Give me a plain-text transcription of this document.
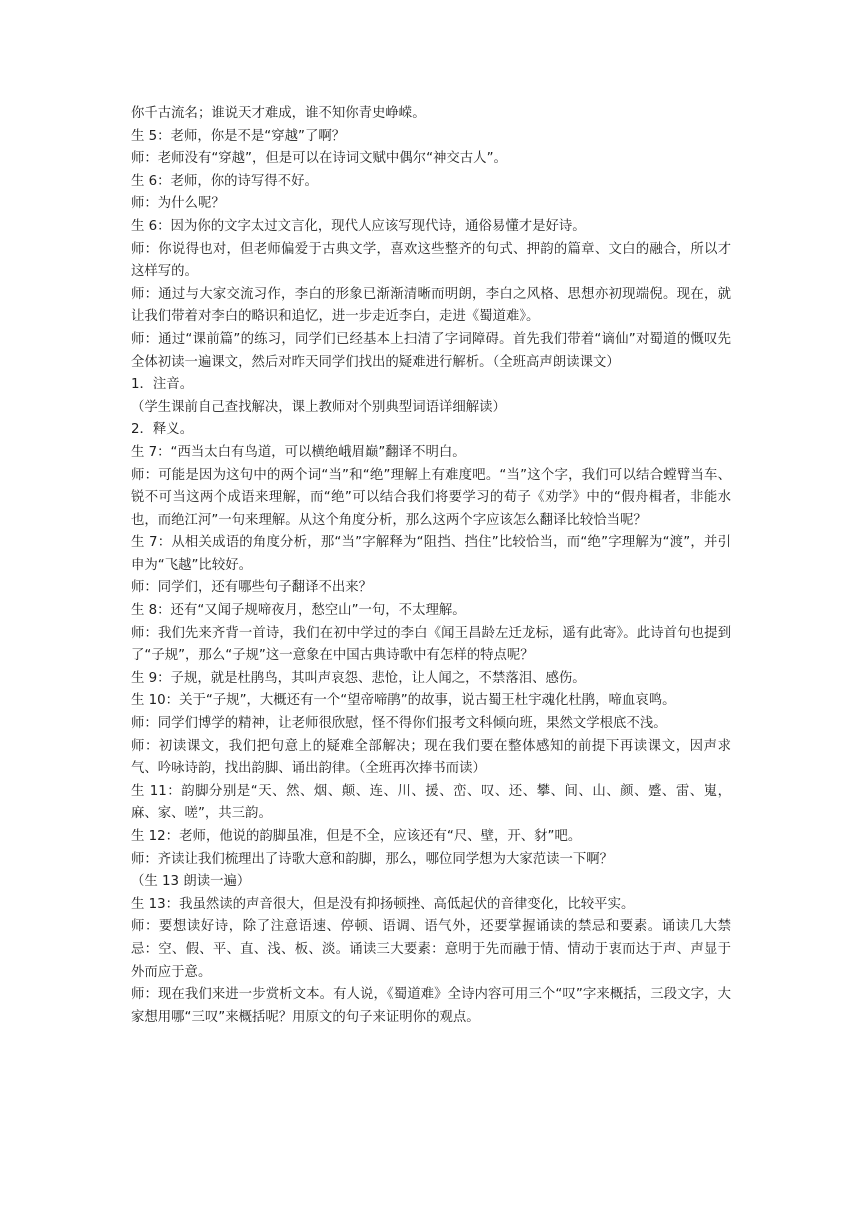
你千古流名；谁说天才难成，谁不知你青史峥嵘。

生 5：老师，你是不是“穿越”了啊？

师：老师没有“穿越”，但是可以在诗词文赋中偶尔“神交古人”。

生 6：老师，你的诗写得不好。

师：为什么呢？

生 6：因为你的文字太过文言化，现代人应该写现代诗，通俗易懂才是好诗。

师：你说得也对，但老师偏爱于古典文学，喜欢这些整齐的句式、押韵的篇章、文白的融合，所以才这样写的。

师：通过与大家交流习作，李白的形象已渐渐清晰而明朗，李白之风格、思想亦初现端倪。现在，就让我们带着对李白的略识和追忆，进一步走近李白，走进《蜀道难》。

师：通过“课前篇”的练习，同学们已经基本上扫清了字词障碍。首先我们带着“谪仙”对蜀道的慨叹先全体初读一遍课文，然后对昨天同学们找出的疑难进行解析。（全班高声朗读课文）

1．注音。

（学生课前自己查找解决，课上教师对个别典型词语详细解读）

2．释义。

生 7：“西当太白有鸟道，可以横绝峨眉巅”翻译不明白。

师：可能是因为这句中的两个词“当”和“绝”理解上有难度吧。“当”这个字，我们可以结合螳臂当车、锐不可当这两个成语来理解，而“绝”可以结合我们将要学习的荀子《劝学》中的“假舟楫者，非能水也，而绝江河”一句来理解。从这个角度分析，那么这两个字应该怎么翻译比较恰当呢？

生 7：从相关成语的角度分析，那“当”字解释为“阻挡、挡住”比较恰当，而“绝”字理解为“渡”，并引申为“飞越”比较好。

师：同学们，还有哪些句子翻译不出来？

生 8：还有“又闻子规啼夜月，愁空山”一句，不太理解。

师：我们先来齐背一首诗，我们在初中学过的李白《闻王昌龄左迁龙标，遥有此寄》。此诗首句也提到了“子规”，那么“子规”这一意象在中国古典诗歌中有怎样的特点呢？

生 9：子规，就是杜鹃鸟，其叫声哀怨、悲怆，让人闻之，不禁落泪、感伤。

生 10：关于“子规”，大概还有一个“望帝啼鹃”的故事，说古蜀王杜宇魂化杜鹃，啼血哀鸣。

师：同学们博学的精神，让老师很欣慰，怪不得你们报考文科倾向班，果然文学根底不浅。

师：初读课文，我们把句意上的疑难全部解决；现在我们要在整体感知的前提下再读课文，因声求气、吟咏诗韵，找出韵脚、诵出韵律。（全班再次捧书而读）

生 11：韵脚分别是“天、然、烟、颠、连、川、援、峦、叹、还、攀、间、山、颜、蹙、雷、嵬，麻、家、嗟”，共三韵。

生 12：老师，他说的韵脚虽准，但是不全，应该还有“尺、壁，开、豺”吧。

师：齐读让我们梳理出了诗歌大意和韵脚，那么，哪位同学想为大家范读一下啊？

（生 13 朗读一遍）

生 13：我虽然读的声音很大，但是没有抑扬顿挫、高低起伏的音律变化，比较平实。

师：要想读好诗，除了注意语速、停顿、语调、语气外，还要掌握诵读的禁忌和要素。诵读几大禁忌：空、假、平、直、浅、板、淡。诵读三大要素：意明于先而融于情、情动于衷而达于声、声显于外而应于意。

师：现在我们来进一步赏析文本。有人说，《蜀道难》全诗内容可用三个“叹”字来概括，三段文字，大家想用哪“三叹”来概括呢？用原文的句子来证明你的观点。
